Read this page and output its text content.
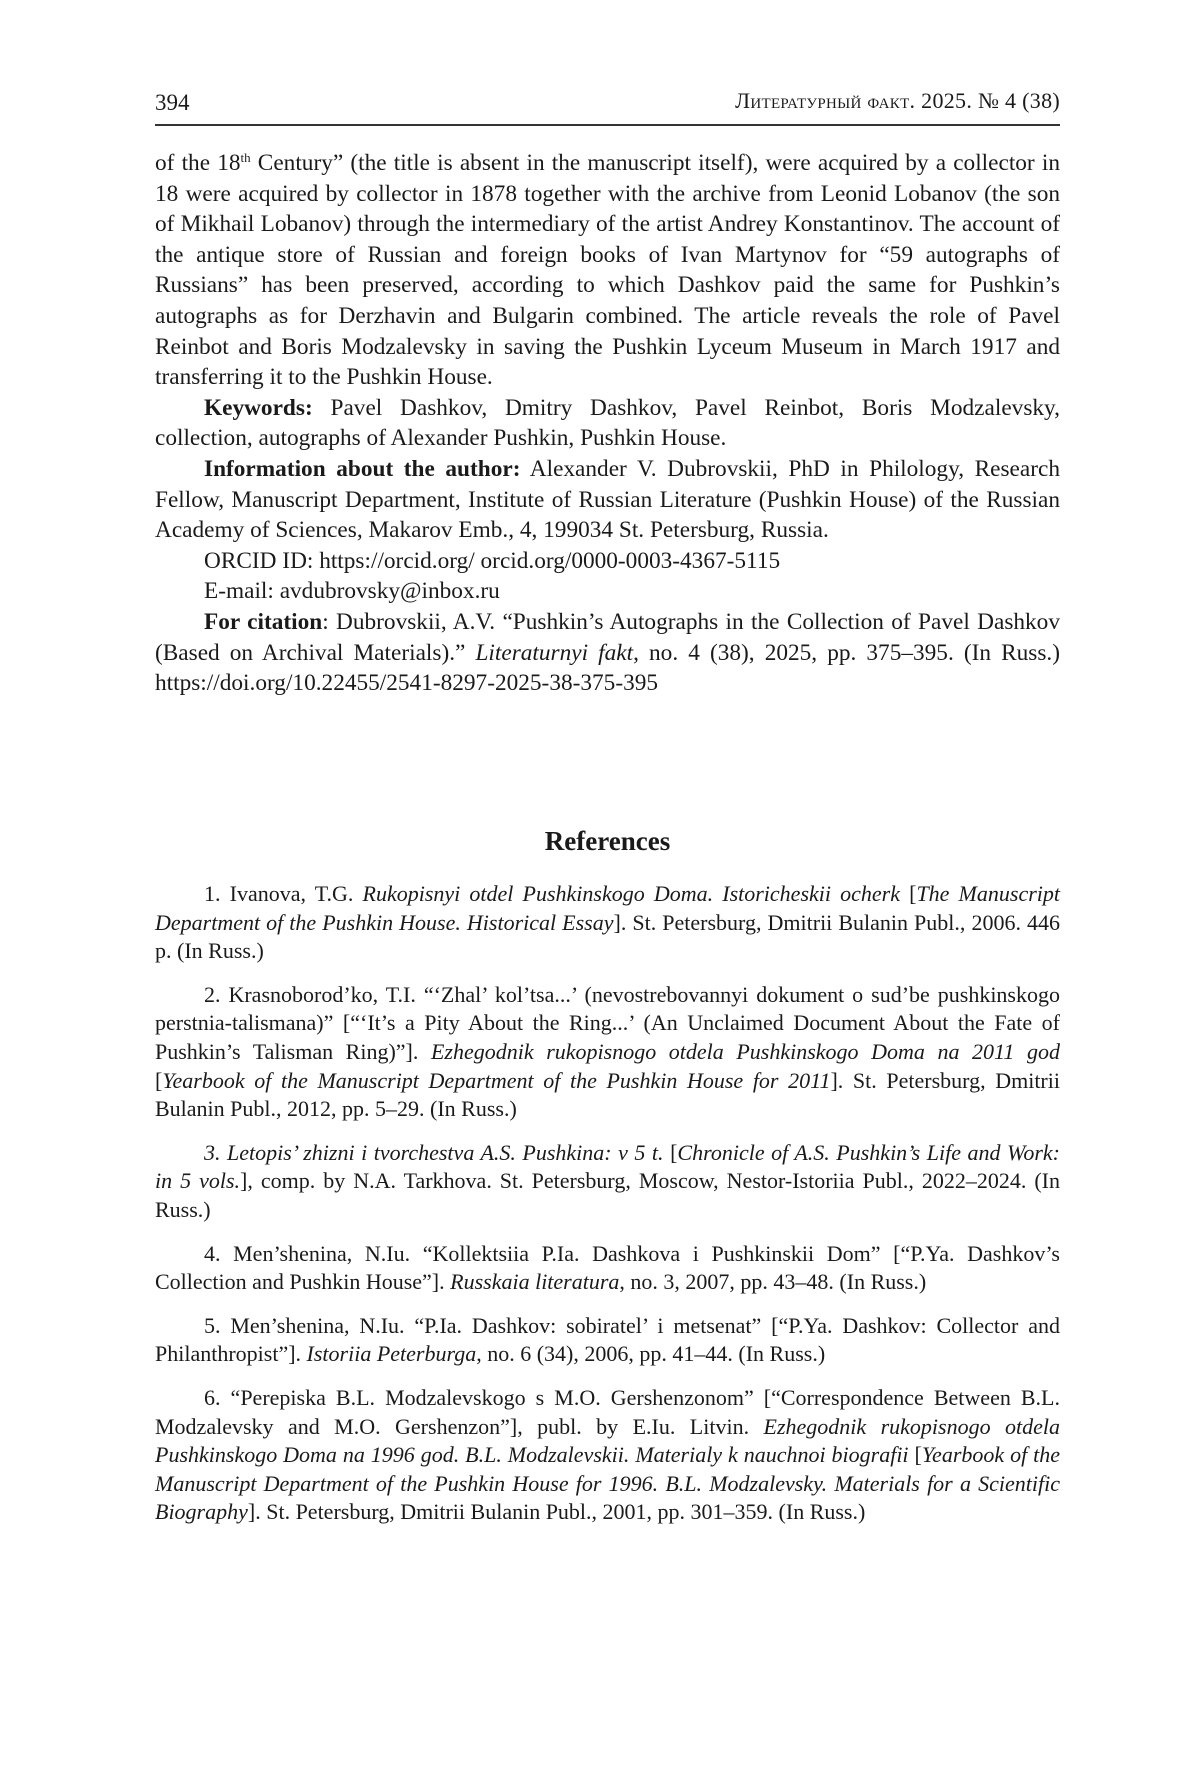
394	Литературный факт. 2025. № 4 (38)

of the 18th Century” (the title is absent in the manuscript itself), were acquired by a collector in 18 were acquired by collector in 1878 together with the archive from Leonid Lobanov (the son of Mikhail Lobanov) through the intermediary of the artist Andrey Konstantinov. The account of the antique store of Russian and foreign books of Ivan Martynov for “59 autographs of Russians” has been preserved, according to which Dashkov paid the same for Pushkin’s autographs as for Derzhavin and Bulgarin combined. The article reveals the role of Pavel Reinbot and Boris Modzalevsky in saving the Pushkin Lyceum Museum in March 1917 and transferring it to the Pushkin House.

Keywords: Pavel Dashkov, Dmitry Dashkov, Pavel Reinbot, Boris Modzalevsky, collection, autographs of Alexander Pushkin, Pushkin House.

Information about the author: Alexander V. Dubrovskii, PhD in Philology, Research Fellow, Manuscript Department, Institute of Russian Literature (Pushkin House) of the Russian Academy of Sciences, Makarov Emb., 4, 199034 St. Petersburg, Russia.

ORCID ID: https://orcid.org/ orcid.org/0000-0003-4367-5115

E-mail: avdubrovsky@inbox.ru

For citation: Dubrovskii, A.V. “Pushkin’s Autographs in the Collection of Pavel Dashkov (Based on Archival Materials).” Literaturnyi fakt, no. 4 (38), 2025, pp. 375–395. (In Russ.) https://doi.org/10.22455/2541-8297-2025-38-375-395

References

1. Ivanova, T.G. Rukopisnyi otdel Pushkinskogo Doma. Istoricheskii ocherk [The Manuscript Department of the Pushkin House. Historical Essay]. St. Petersburg, Dmitrii Bulanin Publ., 2006. 446 p. (In Russ.)

2. Krasnoborod’ko, T.I. “‘Zhal’ kol’tsa...’ (nevostrebovannyi dokument o sud’be pushkinskogo perstnia-talismana)” [“‘It’s a Pity About the Ring...’ (An Unclaimed Document About the Fate of Pushkin’s Talisman Ring)”]. Ezhegodnik rukopisnogo otdela Pushkinskogo Doma na 2011 god [Yearbook of the Manuscript Department of the Pushkin House for 2011]. St. Petersburg, Dmitrii Bulanin Publ., 2012, pp. 5–29. (In Russ.)

3. Letopis’ zhizni i tvorchestva A.S. Pushkina: v 5 t. [Chronicle of A.S. Pushkin’s Life and Work: in 5 vols.], comp. by N.A. Tarkhova. St. Petersburg, Moscow, Nestor-Istoriia Publ., 2022–2024. (In Russ.)

4. Men’shenina, N.Iu. “Kollektsiia P.Ia. Dashkova i Pushkinskii Dom” [“P.Ya. Dashkov’s Collection and Pushkin House”]. Russkaia literatura, no. 3, 2007, pp. 43–48. (In Russ.)

5. Men’shenina, N.Iu. “P.Ia. Dashkov: sobiratel’ i metsenat” [“P.Ya. Dashkov: Collector and Philanthropist”]. Istoriia Peterburga, no. 6 (34), 2006, pp. 41–44. (In Russ.)

6. “Perepiska B.L. Modzalevskogo s M.O. Gershenzonom” [“Correspondence Between B.L. Modzalevsky and M.O. Gershenzon”], publ. by E.Iu. Litvin. Ezhegodnik rukopisnogo otdela Pushkinskogo Doma na 1996 god. B.L. Modzalevskii. Materialy k nauchnoi biografii [Yearbook of the Manuscript Department of the Pushkin House for 1996. B.L. Modzalevsky. Materials for a Scientific Biography]. St. Petersburg, Dmitrii Bulanin Publ., 2001, pp. 301–359. (In Russ.)
